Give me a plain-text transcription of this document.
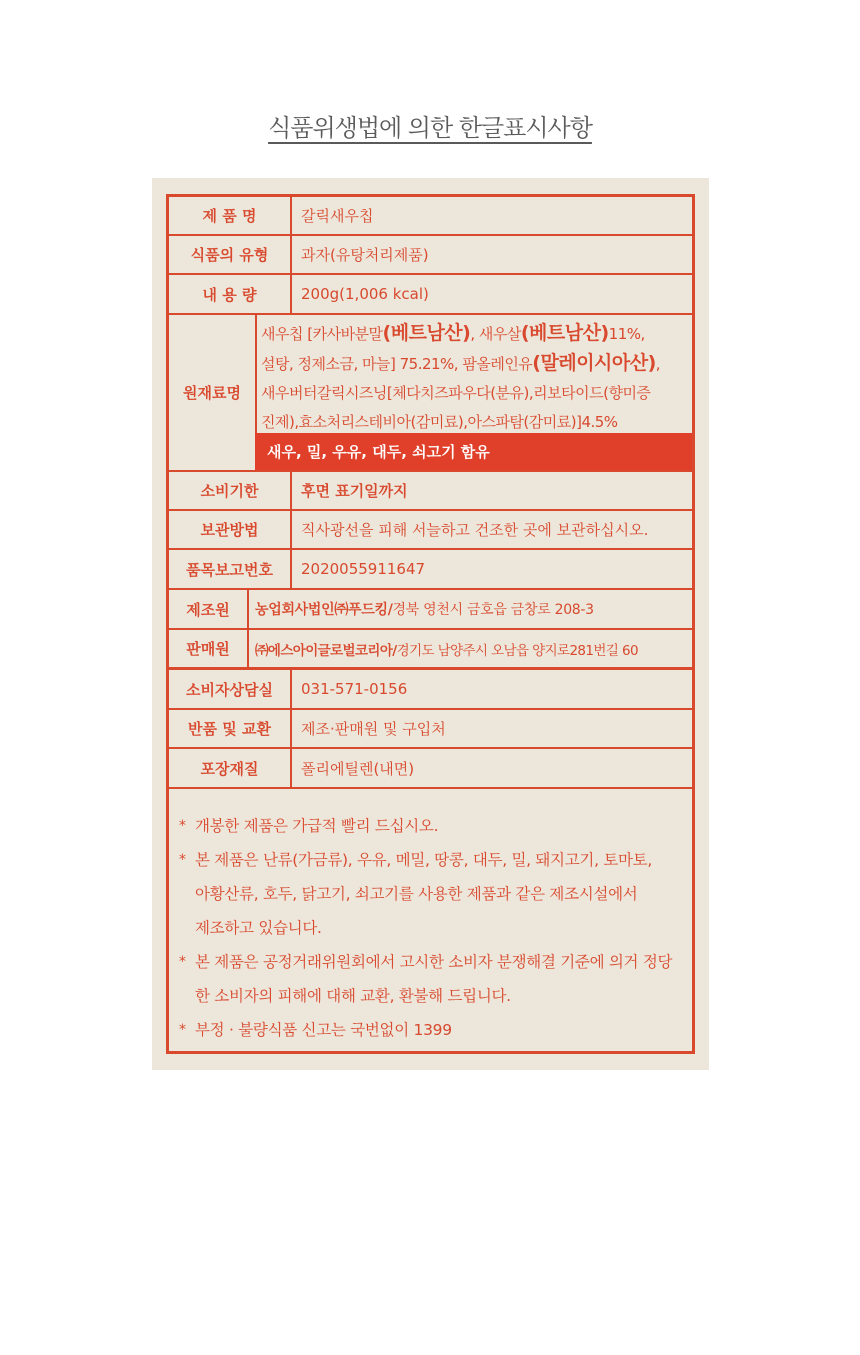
식품위생법에 의한 한글표시사항
제 품 명	갈릭새우칩
식품의 유형	과자(유탕처리제품)
내 용 량	200g(1,006 kcal)
원재료명
새우칩 [카사바분말(베트남산), 새우살(베트남산)11%,
설탕, 정제소금, 마늘] 75.21%, 팜올레인유(말레이시아산),
새우버터갈릭시즈닝[체다치즈파우다(분유),리보타이드(향미증
진제),효소처리스테비아(감미료),아스파탐(감미료)]4.5%
새우, 밀, 우유, 대두, 쇠고기 함유
소비기한	후면 표기일까지
보관방법	직사광선을 피해 서늘하고 건조한 곳에 보관하십시오.
품목보고번호	2020055911647
제조원	농업회사법인㈜푸드킹/ 경북 영천시 금호읍 금창로 208-3
판매원	㈜에스아이글로벌코리아/ 경기도 남양주시 오남읍 양지로281번길 60
소비자상담실	031-571-0156
반품 및 교환	제조·판매원 및 구입처
포장재질	폴리에틸렌(내면)
* 개봉한 제품은 가급적 빨리 드십시오.
* 본 제품은 난류(가금류), 우유, 메밀, 땅콩, 대두, 밀, 돼지고기, 토마토,
아황산류, 호두, 닭고기, 쇠고기를 사용한 제품과 같은 제조시설에서
제조하고 있습니다.
* 본 제품은 공정거래위원회에서 고시한 소비자 분쟁해결 기준에 의거 정당
한 소비자의 피해에 대해 교환, 환불해 드립니다.
* 부정 · 불량식품 신고는 국번없이 1399
